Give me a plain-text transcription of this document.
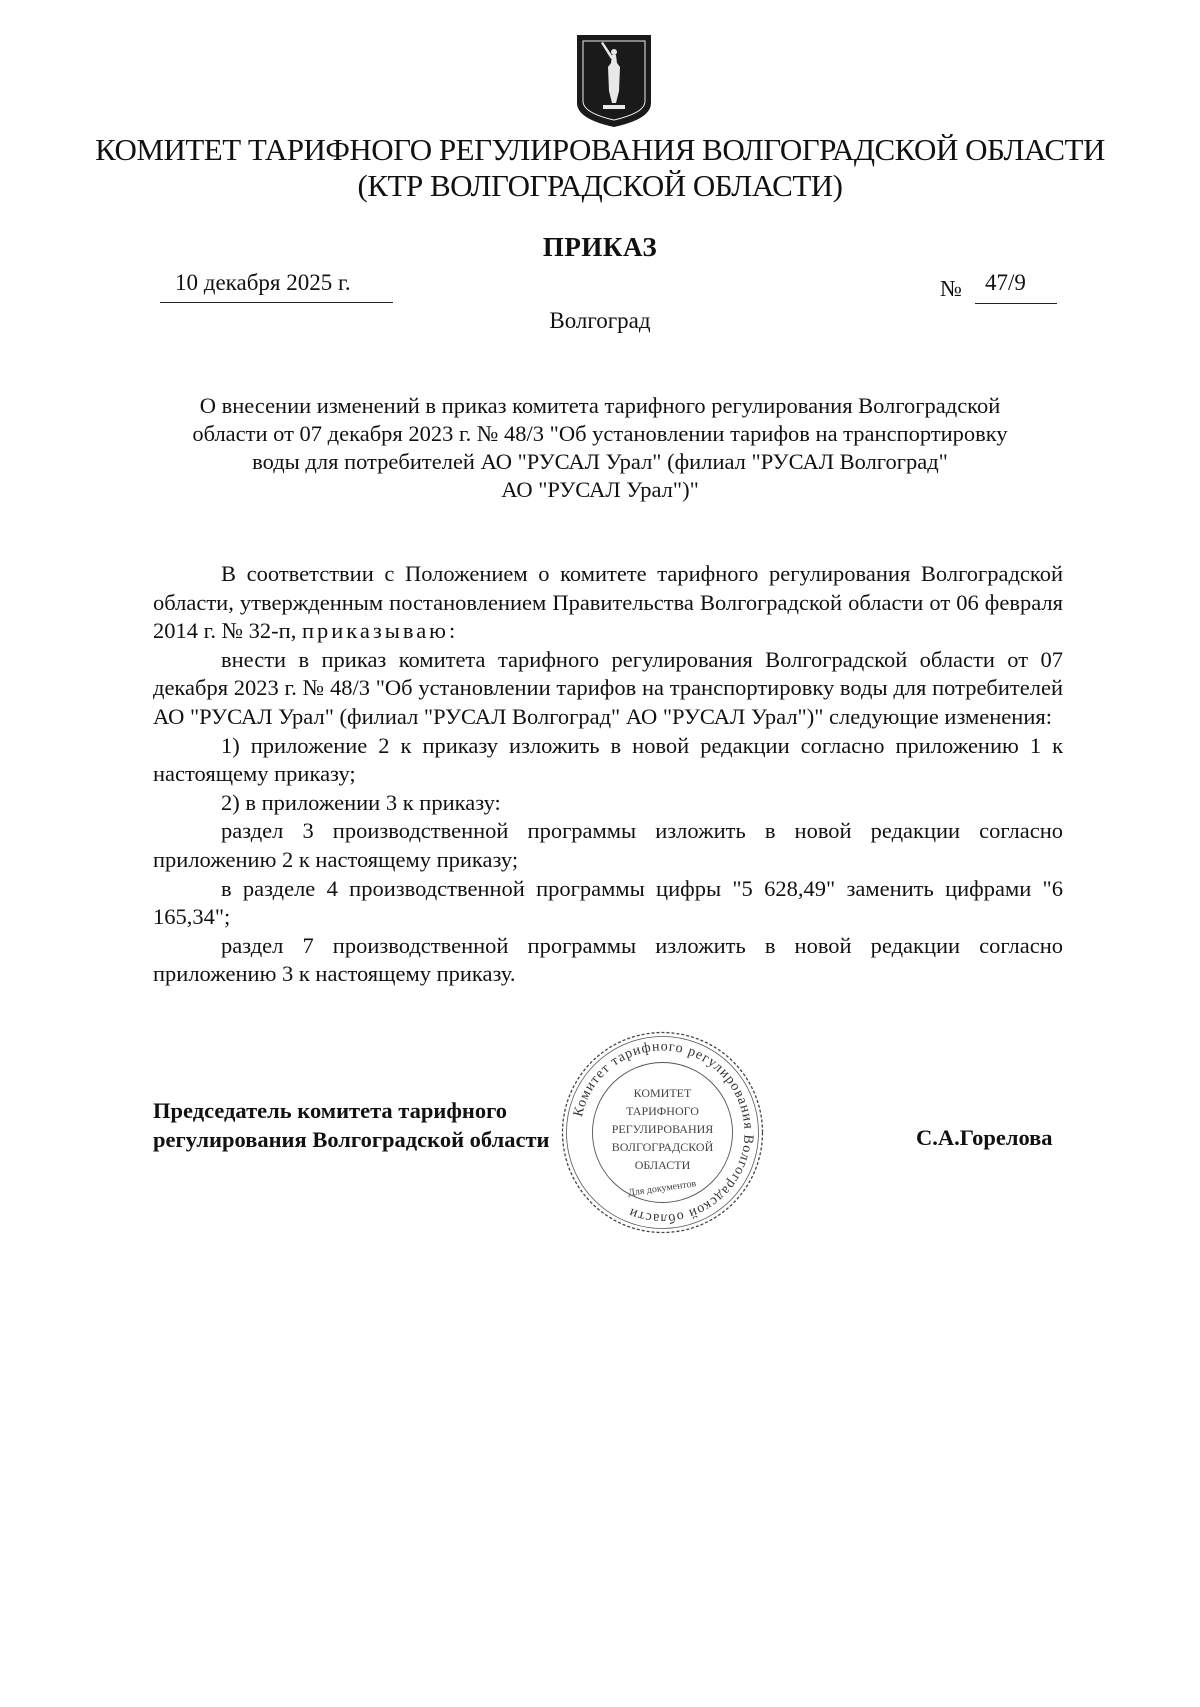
КОМИТЕТ ТАРИФНОГО РЕГУЛИРОВАНИЯ ВОЛГОГРАДСКОЙ ОБЛАСТИ
(КТР ВОЛГОГРАДСКОЙ ОБЛАСТИ)
ПРИКАЗ
10 декабря 2025 г.	№ 47/9
Волгоград
О внесении изменений в приказ комитета тарифного регулирования Волгоградской
области от 07 декабря 2023 г. № 48/3 "Об установлении тарифов на транспортировку
воды для потребителей АО "РУСАЛ Урал" (филиал "РУСАЛ Волгоград"
АО "РУСАЛ Урал")"
В соответствии с Положением о комитете тарифного регулирования Волгоградской области, утвержденным постановлением Правительства Волгоградской области от 06 февраля 2014 г. № 32-п, приказываю:
внести в приказ комитета тарифного регулирования Волгоградской области от 07 декабря 2023 г. № 48/3 "Об установлении тарифов на транспортировку воды для потребителей АО "РУСАЛ Урал" (филиал "РУСАЛ Волгоград" АО "РУСАЛ Урал")" следующие изменения:
1) приложение 2 к приказу изложить в новой редакции согласно приложению 1 к настоящему приказу;
2) в приложении 3 к приказу:
раздел 3 производственной программы изложить в новой редакции согласно приложению 2 к настоящему приказу;
в разделе 4 производственной программы цифры "5 628,49" заменить цифрами "6 165,34";
раздел 7 производственной программы изложить в новой редакции согласно приложению 3 к настоящему приказу.
Комитет тарифного регулирования Волгоградской области
КОМИТЕТ
ТАРИФНОГО
РЕГУЛИРОВАНИЯ
ВОЛГОГРАДСКОЙ
ОБЛАСТИ
Для документов
Председатель комитета тарифного
регулирования Волгоградской области	С.А.Горелова
